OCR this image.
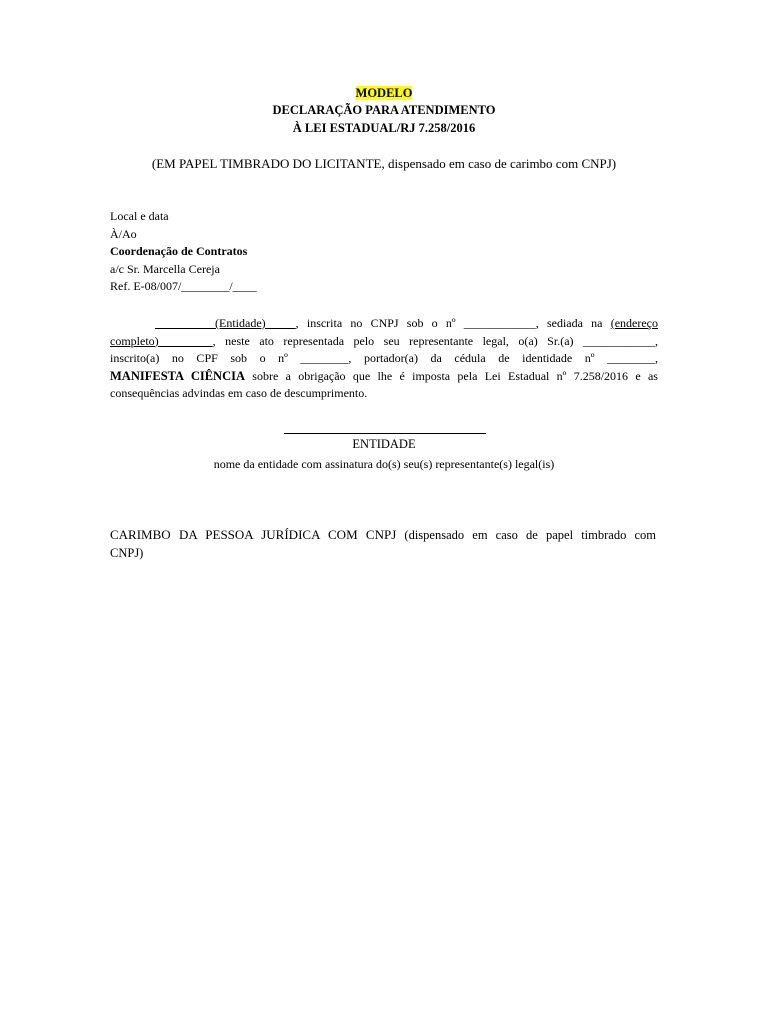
MODELO
DECLARAÇÃO PARA ATENDIMENTO
À LEI ESTADUAL/RJ 7.258/2016
(EM PAPEL TIMBRADO DO LICITANTE, dispensado em caso de carimbo com CNPJ)
Local e data
À/Ao
Coordenação de Contratos
a/c Sr. Marcella Cereja
Ref. E-08/007/________/____
__________(Entidade)_____, inscrita no CNPJ sob o nº ____________, sediada na (endereço
completo)_________, neste ato representada pelo seu representante legal, o(a) Sr.(a) ____________,
inscrito(a) no CPF sob o nº ________, portador(a) da cédula de identidade nº ________,
MANIFESTA CIÊNCIA sobre a obrigação que lhe é imposta pela Lei Estadual nº 7.258/2016 e as
consequências advindas em caso de descumprimento.
ENTIDADE
nome da entidade com assinatura do(s) seu(s) representante(s) legal(is)
CARIMBO DA PESSOA JURÍDICA COM CNPJ (dispensado em caso de papel timbrado com
CNPJ)
